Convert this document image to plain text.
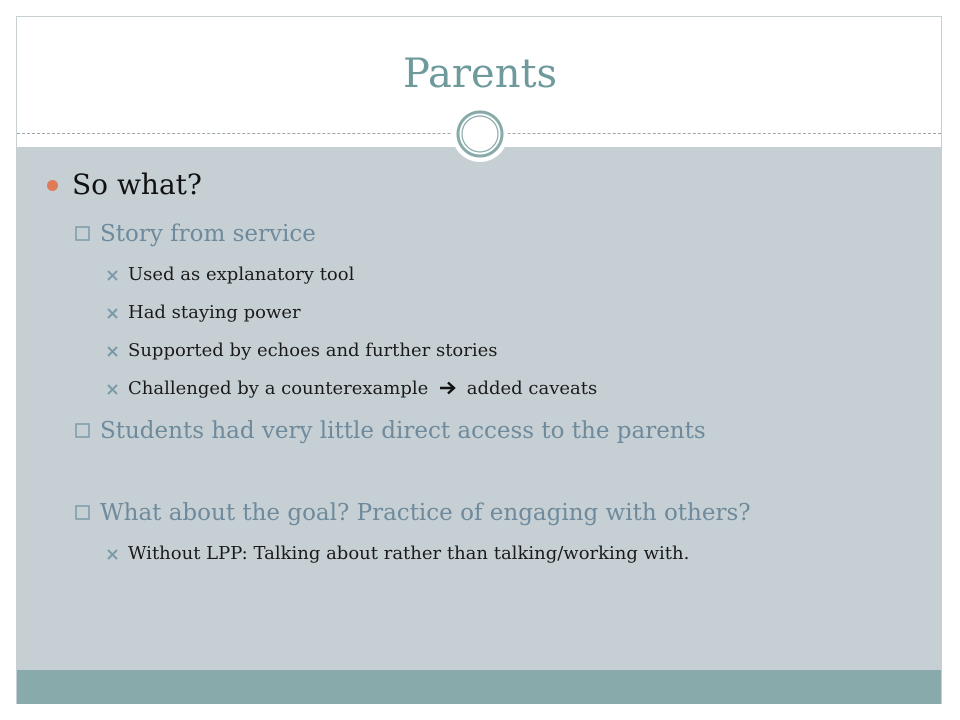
Parents
So what?
Story from service
Used as explanatory tool
Had staying power
Supported by echoes and further stories
Challenged by a counterexample added caveats
Students had very little direct access to the parents
What about the goal? Practice of engaging with others?
Without LPP: Talking about rather than talking/working with.
